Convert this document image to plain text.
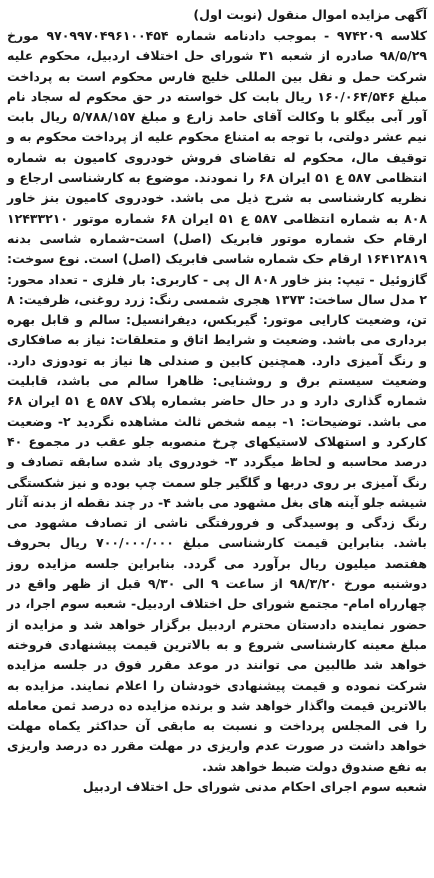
آگهی مزایده اموال منقول (نوبت اول)

کلاسه ۹۷۴۲۰۹ - بموجب دادنامه شماره ۹۷۰۹۹۷۰۴۹۶۱۰۰۴۵۴ مورخ ۹۸/۵/۲۹ صادره از شعبه ۳۱ شورای حل اختلاف اردبیل، محکوم علیه شرکت حمل و نقل بین المللی خلیج فارس محکوم است به پرداخت مبلغ ۱۶۰/۰۶۴/۵۴۶ ریال بابت کل خواسته در حق محکوم له سجاد نام آور آبی بیگلو با وکالت آقای حامد زارع و مبلغ ۵/۷۸۸/۱۵۷ ریال بابت نیم عشر دولتی، با توجه به امتناع محکوم علیه از پرداخت محکوم به و توقیف مال، محکوم له تقاضای فروش خودروی کامیون به شماره انتظامی ۵۸۷ ع ۵۱ ایران ۶۸ را نمودند. موضوع به کارشناسی ارجاع و نظریه کارشناسی به شرح ذیل می باشد. خودروی کامیون بنز خاور ۸۰۸ به شماره انتظامی ۵۸۷ ع ۵۱ ایران ۶۸ شماره موتور ۱۲۴۳۳۲۱۰ ارقام حک شماره موتور فابریک (اصل) است-شماره شاسی بدنه ۱۶۴۱۲۸۱۹ ارقام حک شماره شاسی فابریک (اصل) است. نوع سوخت: گازوئیل - تیپ: بنز خاور ۸۰۸ ال پی - کاربری: بار فلزی - تعداد محور: ۲ مدل سال ساخت: ۱۳۷۳ هجری شمسی رنگ: زرد روغنی، ظرفیت: ۸ تن، وضعیت کارایی موتور: گیربکس، دیفرانسیل: سالم و قابل بهره برداری می باشد. وضعیت و شرایط اتاق و متعلقات: نیاز به صافکاری و رنگ آمیزی دارد. همچنین کابین و صندلی ها نیاز به تودوزی دارد. وضعیت سیستم برق و روشنایی: ظاهرا سالم می باشد، قابلیت شماره گذاری دارد و در حال حاضر بشماره پلاک ۵۸۷ ع ۵۱ ایران ۶۸ می باشد. توضیحات: ۱- بیمه شخص ثالث مشاهده نگردید ۲- وضعیت کارکرد و استهلاک لاستیکهای چرخ منصوبه جلو عقب در مجموع ۴۰ درصد محاسبه و لحاظ میگردد ۳- خودروی یاد شده سابقه تصادف و رنگ آمیزی بر روی دربها و گلگیر جلو سمت چپ بوده و نیز شکستگی شیشه جلو آینه های بغل مشهود می باشد ۴- در چند نقطه از بدنه آثار رنگ زدگی و پوسیدگی و فرورفتگی ناشی از تصادف مشهود می باشد. بنابراین قیمت کارشناسی مبلغ ۷۰۰/۰۰۰/۰۰۰ ریال بحروف هفتصد میلیون ریال برآورد می گردد. بنابراین جلسه مزایده روز دوشنبه مورخ ۹۸/۳/۲۰ از ساعت ۹ الی ۹/۳۰ قبل از ظهر واقع در چهارراه امام- مجتمع شورای حل اختلاف اردبیل- شعبه سوم اجرا، در حضور نماینده دادستان محترم اردبیل برگزار خواهد شد و مزایده از مبلغ معینه کارشناسی شروع و به بالاترین قیمت پیشنهادی فروخته خواهد شد طالبین می توانند در موعد مقرر فوق در جلسه مزایده شرکت نموده و قیمت پیشنهادی خودشان را اعلام نمایند. مزایده به بالاترین قیمت واگذار خواهد شد و برنده مزایده ده درصد ثمن معامله را فی المجلس پرداخت و نسبت به مابقی آن حداکثر یکماه مهلت خواهد داشت در صورت عدم واریزی در مهلت مقرر ده درصد واریزی به نفع صندوق دولت ضبط خواهد شد.

شعبه سوم اجرای احکام مدنی شورای حل اختلاف اردبیل
